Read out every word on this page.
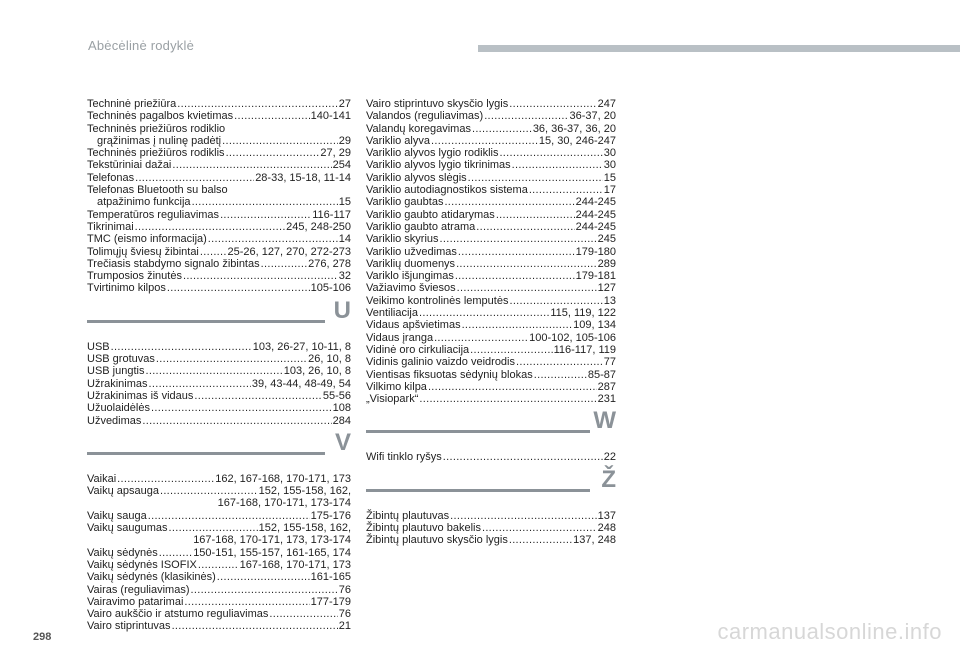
Abėcėlinė rodyklė
Techninė priežiūra .....	27
Techninės pagalbos kvietimas .....	140-141
Techninės priežiūros rodiklio
grąžinimas į nulinę padėtį .....	29
Techninės priežiūros rodiklis .....	27, 29
Tekstūriniai dažai .....	254
Telefonas .....	28-33, 15-18, 11-14
Telefonas Bluetooth su balso
atpažinimo funkcija .....	15
Temperatūros reguliavimas .....	116-117
Tikrinimai .....	245, 248-250
TMC (eismo informacija) .....	14
Tolimųjų šviesų žibintai .....	25-26, 127, 270, 272-273
Trečiasis stabdymo signalo žibintas .....	276, 278
Trumposios žinutės .....	32
Tvirtinimo kilpos .....	105-106
U
USB .....	103, 26-27, 10-11, 8
USB grotuvas .....	26, 10, 8
USB jungtis .....	103, 26, 10, 8
Užrakinimas .....	39, 43-44, 48-49, 54
Užrakinimas iš vidaus .....	55-56
Užuolaidėlės .....	108
Užvedimas .....	284
V
Vaikai .....	162, 167-168, 170-171, 173
Vaikų apsauga .....	152, 155-158, 162,
167-168, 170-171, 173-174
Vaikų sauga .....	175-176
Vaikų saugumas .....	152, 155-158, 162,
167-168, 170-171, 173, 173-174
Vaikų sėdynės .....	150-151, 155-157, 161-165, 174
Vaikų sėdynės ISOFIX .....	167-168, 170-171, 173
Vaikų sėdynės (klasikinės) .....	161-165
Vairas (reguliavimas) .....	76
Vairavimo patarimai .....	177-179
Vairo aukščio ir atstumo reguliavimas .....	76
Vairo stiprintuvas .....	21
Vairo stiprintuvo skysčio lygis .....	247
Valandos (reguliavimas) .....	36-37, 20
Valandų koregavimas .....	36, 36-37, 36, 20
Variklio alyva .....	15, 30, 246-247
Variklio alyvos lygio rodiklis .....	30
Variklio alyvos lygio tikrinimas .....	30
Variklio alyvos slėgis .....	15
Variklio autodiagnostikos sistema .....	17
Variklio gaubtas .....	244-245
Variklio gaubto atidarymas .....	244-245
Variklio gaubto atrama .....	244-245
Variklio skyrius .....	245
Variklio užvedimas .....	179-180
Variklių duomenys .....	289
Variklo išjungimas .....	179-181
Važiavimo šviesos .....	127
Veikimo kontrolinės lemputės .....	13
Ventiliacija .....	115, 119, 122
Vidaus apšvietimas .....	109, 134
Vidaus įranga .....	100-102, 105-106
Vidinė oro cirkuliacija .....	116-117, 119
Vidinis galinio vaizdo veidrodis .....	77
Vientisas fiksuotas sėdynių blokas .....	85-87
Vilkimo kilpa .....	287
„Visiopark“ .....	231
W
Wifi tinklo ryšys .....	22
Ž
Žibintų plautuvas .....	137
Žibintų plautuvo bakelis .....	248
Žibintų plautuvo skysčio lygis .....	137, 248
298	carmanualsonline.info
